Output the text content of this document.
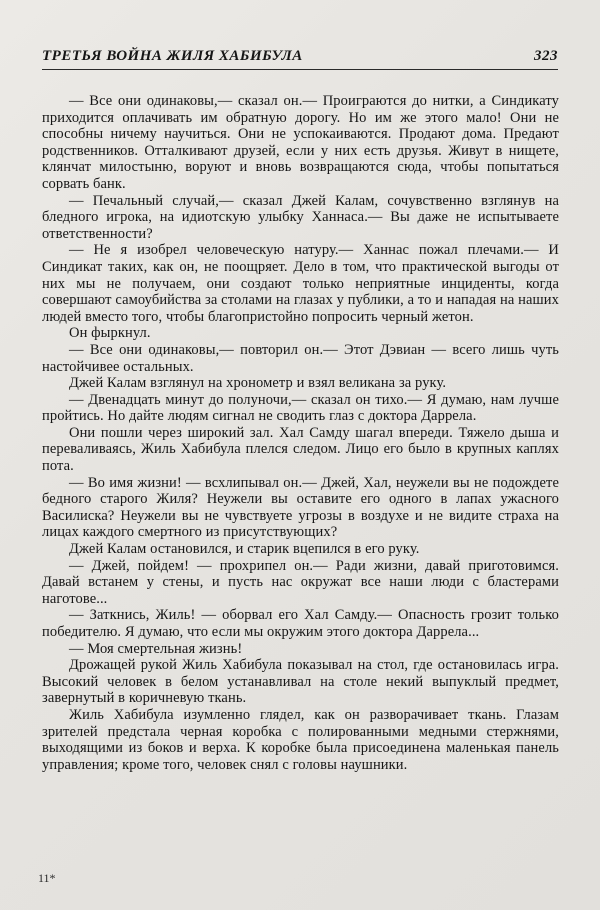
ТРЕТЬЯ ВОЙНА ЖИЛЯ ХАБИБУЛА	323

— Все они одинаковы,— сказал он.— Проиграются до нитки, а Синдикату приходится оплачивать им обратную дорогу. Но им же этого мало! Они не способны ничему научиться. Они не успокаиваются. Продают дома. Предают родственников. Отталкивают друзей, если у них есть друзья. Живут в нищете, клянчат милостыню, воруют и вновь возвращаются сюда, чтобы попытаться сорвать банк.

— Печальный случай,— сказал Джей Калам, сочувственно взглянув на бледного игрока, на идиотскую улыбку Ханнаса.— Вы даже не испытываете ответственности?

— Не я изобрел человеческую натуру.— Ханнас пожал плечами.— И Синдикат таких, как он, не поощряет. Дело в том, что практической выгоды от них мы не получаем, они создают только неприятные инциденты, когда совершают самоубийства за столами на глазах у публики, а то и нападая на наших людей вместо того, чтобы благопристойно попросить черный жетон.

Он фыркнул.

— Все они одинаковы,— повторил он.— Этот Дэвиан — всего лишь чуть настойчивее остальных.

Джей Калам взглянул на хронометр и взял великана за руку.

— Двенадцать минут до полуночи,— сказал он тихо.— Я думаю, нам лучше пройтись. Но дайте людям сигнал не сводить глаз с доктора Даррела.

Они пошли через широкий зал. Хал Самду шагал впереди. Тяжело дыша и переваливаясь, Жиль Хабибула плелся следом. Лицо его было в крупных каплях пота.

— Во имя жизни! — всхлипывал он.— Джей, Хал, неужели вы не подождете бедного старого Жиля? Неужели вы оставите его одного в лапах ужасного Василиска? Неужели вы не чувствуете угрозы в воздухе и не видите страха на лицах каждого смертного из присутствующих?

Джей Калам остановился, и старик вцепился в его руку.

— Джей, пойдем! — прохрипел он.— Ради жизни, давай приготовимся. Давай встанем у стены, и пусть нас окружат все наши люди с бластерами наготове...

— Заткнись, Жиль! — оборвал его Хал Самду.— Опасность грозит только победителю. Я думаю, что если мы окружим этого доктора Даррела...

— Моя смертельная жизнь!

Дрожащей рукой Жиль Хабибула показывал на стол, где остановилась игра. Высокий человек в белом устанавливал на столе некий выпуклый предмет, завернутый в коричневую ткань.

Жиль Хабибула изумленно глядел, как он разворачивает ткань. Глазам зрителей предстала черная коробка с полированными медными стержнями, выходящими из боков и верха. К коробке была присоединена маленькая панель управления; кроме того, человек снял с головы наушники.

11*
